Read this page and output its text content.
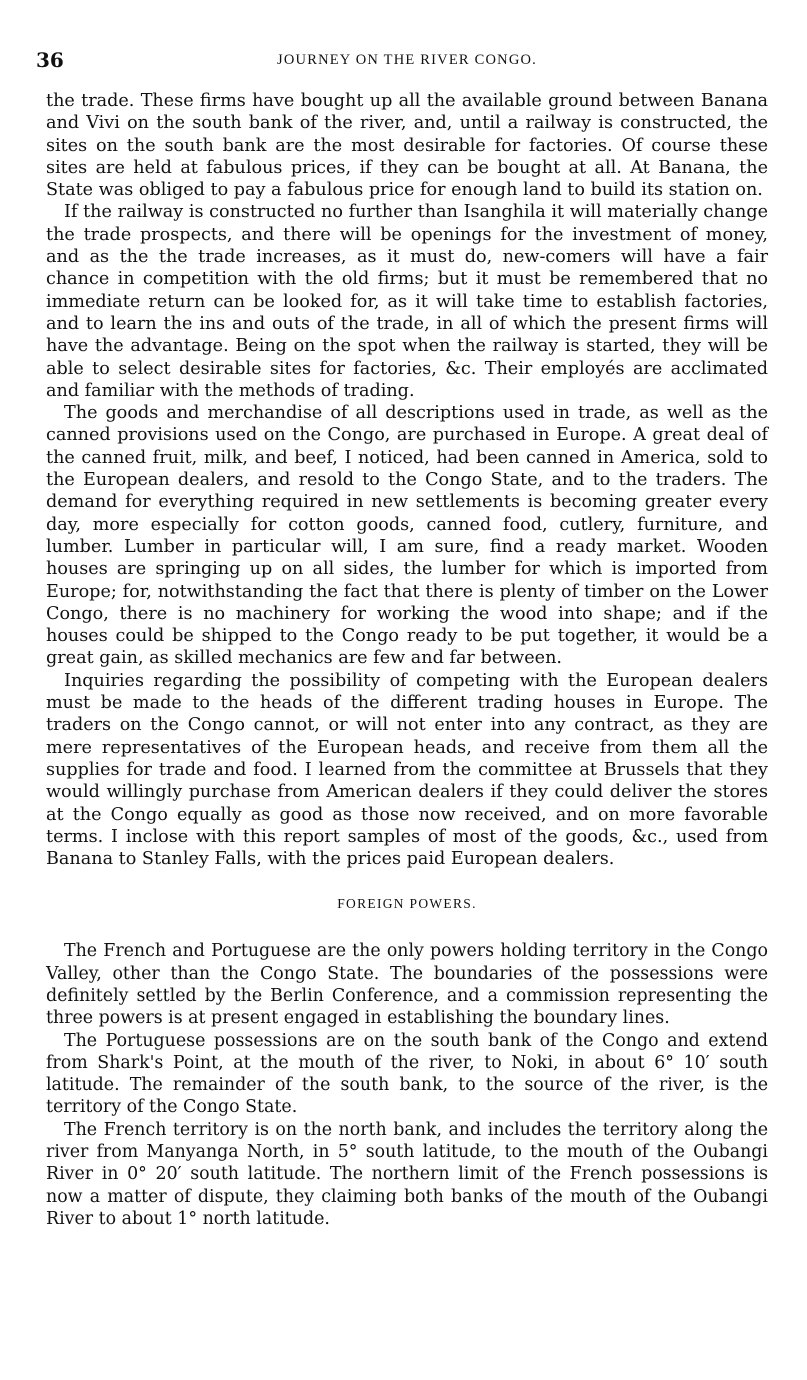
36	JOURNEY ON THE RIVER CONGO.

the trade. These firms have bought up all the available ground between Banana and Vivi on the south bank of the river, and, until a railway is constructed, the sites on the south bank are the most desirable for factories. Of course these sites are held at fabulous prices, if they can be bought at all. At Banana, the State was obliged to pay a fabulous price for enough land to build its station on.

If the railway is constructed no further than Isanghila it will materially change the trade prospects, and there will be openings for the investment of money, and as the the trade increases, as it must do, new-comers will have a fair chance in competition with the old firms; but it must be remembered that no immediate return can be looked for, as it will take time to establish factories, and to learn the ins and outs of the trade, in all of which the present firms will have the advantage. Being on the spot when the railway is started, they will be able to select desirable sites for factories, &c. Their employés are acclimated and familiar with the methods of trading.

The goods and merchandise of all descriptions used in trade, as well as the canned provisions used on the Congo, are purchased in Europe. A great deal of the canned fruit, milk, and beef, I noticed, had been canned in America, sold to the European dealers, and resold to the Congo State, and to the traders. The demand for everything required in new settlements is becoming greater every day, more especially for cotton goods, canned food, cutlery, furniture, and lumber. Lumber in particular will, I am sure, find a ready market. Wooden houses are springing up on all sides, the lumber for which is imported from Europe; for, notwithstanding the fact that there is plenty of timber on the Lower Congo, there is no machinery for working the wood into shape; and if the houses could be shipped to the Congo ready to be put together, it would be a great gain, as skilled mechanics are few and far between.

Inquiries regarding the possibility of competing with the European dealers must be made to the heads of the different trading houses in Europe. The traders on the Congo cannot, or will not enter into any contract, as they are mere representatives of the European heads, and receive from them all the supplies for trade and food. I learned from the committee at Brussels that they would willingly purchase from American dealers if they could deliver the stores at the Congo equally as good as those now received, and on more favorable terms. I inclose with this report samples of most of the goods, &c., used from Banana to Stanley Falls, with the prices paid European dealers.

FOREIGN POWERS.

The French and Portuguese are the only powers holding territory in the Congo Valley, other than the Congo State. The boundaries of the possessions were definitely settled by the Berlin Conference, and a commission representing the three powers is at present engaged in establishing the boundary lines.

The Portuguese possessions are on the south bank of the Congo and extend from Shark's Point, at the mouth of the river, to Noki, in about 6° 10′ south latitude. The remainder of the south bank, to the source of the river, is the territory of the Congo State.

The French territory is on the north bank, and includes the territory along the river from Manyanga North, in 5° south latitude, to the mouth of the Oubangi River in 0° 20′ south latitude. The northern limit of the French possessions is now a matter of dispute, they claiming both banks of the mouth of the Oubangi River to about 1° north latitude.
